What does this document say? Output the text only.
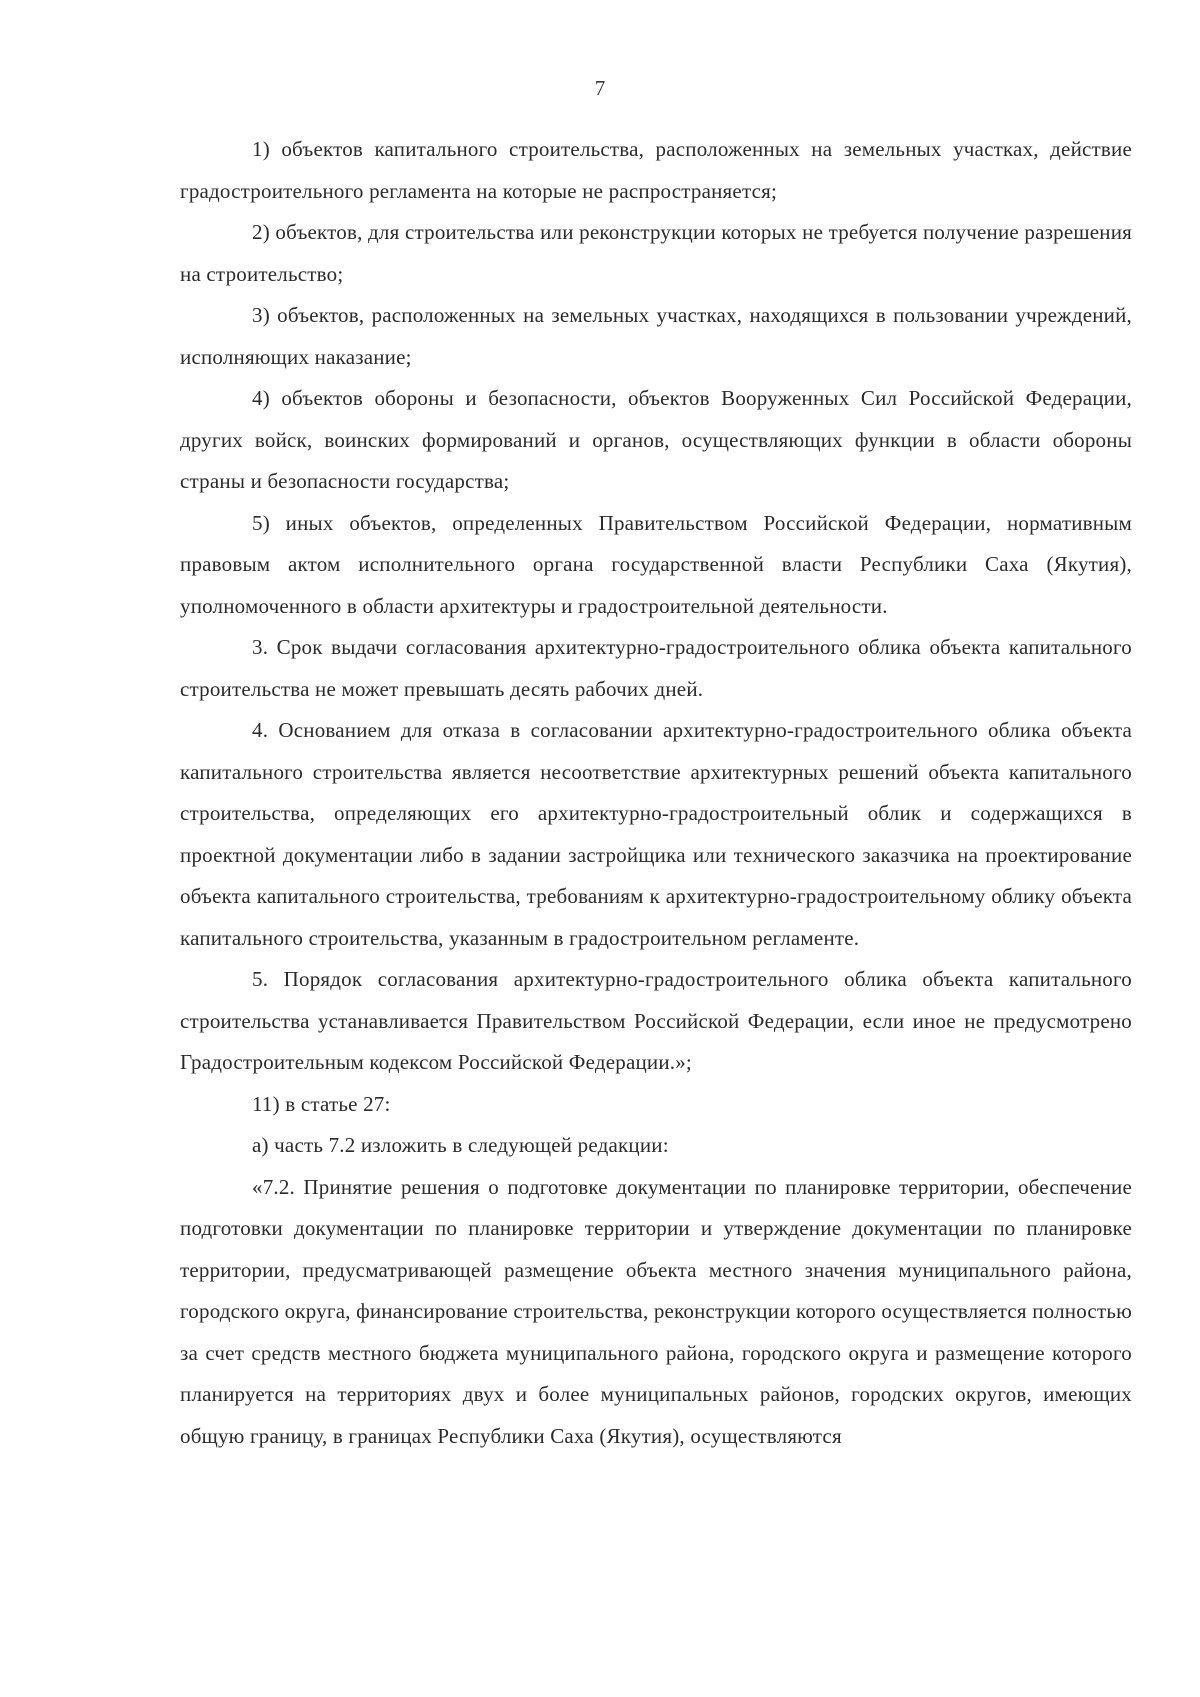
7

1) объектов капитального строительства, расположенных на земельных участках, действие градостроительного регламента на которые не распространяется;

2) объектов, для строительства или реконструкции которых не требуется получение разрешения на строительство;

3) объектов, расположенных на земельных участках, находящихся в пользовании учреждений, исполняющих наказание;

4) объектов обороны и безопасности, объектов Вооруженных Сил Российской Федерации, других войск, воинских формирований и органов, осуществляющих функции в области обороны страны и безопасности государства;

5) иных объектов, определенных Правительством Российской Федерации, нормативным правовым актом исполнительного органа государственной власти Республики Саха (Якутия), уполномоченного в области архитектуры и градостроительной деятельности.

3. Срок выдачи согласования архитектурно-градостроительного облика объекта капитального строительства не может превышать десять рабочих дней.

4. Основанием для отказа в согласовании архитектурно-градостроительного облика объекта капитального строительства является несоответствие архитектурных решений объекта капитального строительства, определяющих его архитектурно-градостроительный облик и содержащихся в проектной документации либо в задании застройщика или технического заказчика на проектирование объекта капитального строительства, требованиям к архитектурно-градостроительному облику объекта капитального строительства, указанным в градостроительном регламенте.

5. Порядок согласования архитектурно-градостроительного облика объекта капитального строительства устанавливается Правительством Российской Федерации, если иное не предусмотрено Градостроительным кодексом Российской Федерации.»;

11) в статье 27:

а) часть 7.2 изложить в следующей редакции:

«7.2. Принятие решения о подготовке документации по планировке территории, обеспечение подготовки документации по планировке территории и утверждение документации по планировке территории, предусматривающей размещение объекта местного значения муниципального района, городского округа, финансирование строительства, реконструкции которого осуществляется полностью за счет средств местного бюджета муниципального района, городского округа и размещение которого планируется на территориях двух и более муниципальных районов, городских округов, имеющих общую границу, в границах Республики Саха (Якутия), осуществляются
